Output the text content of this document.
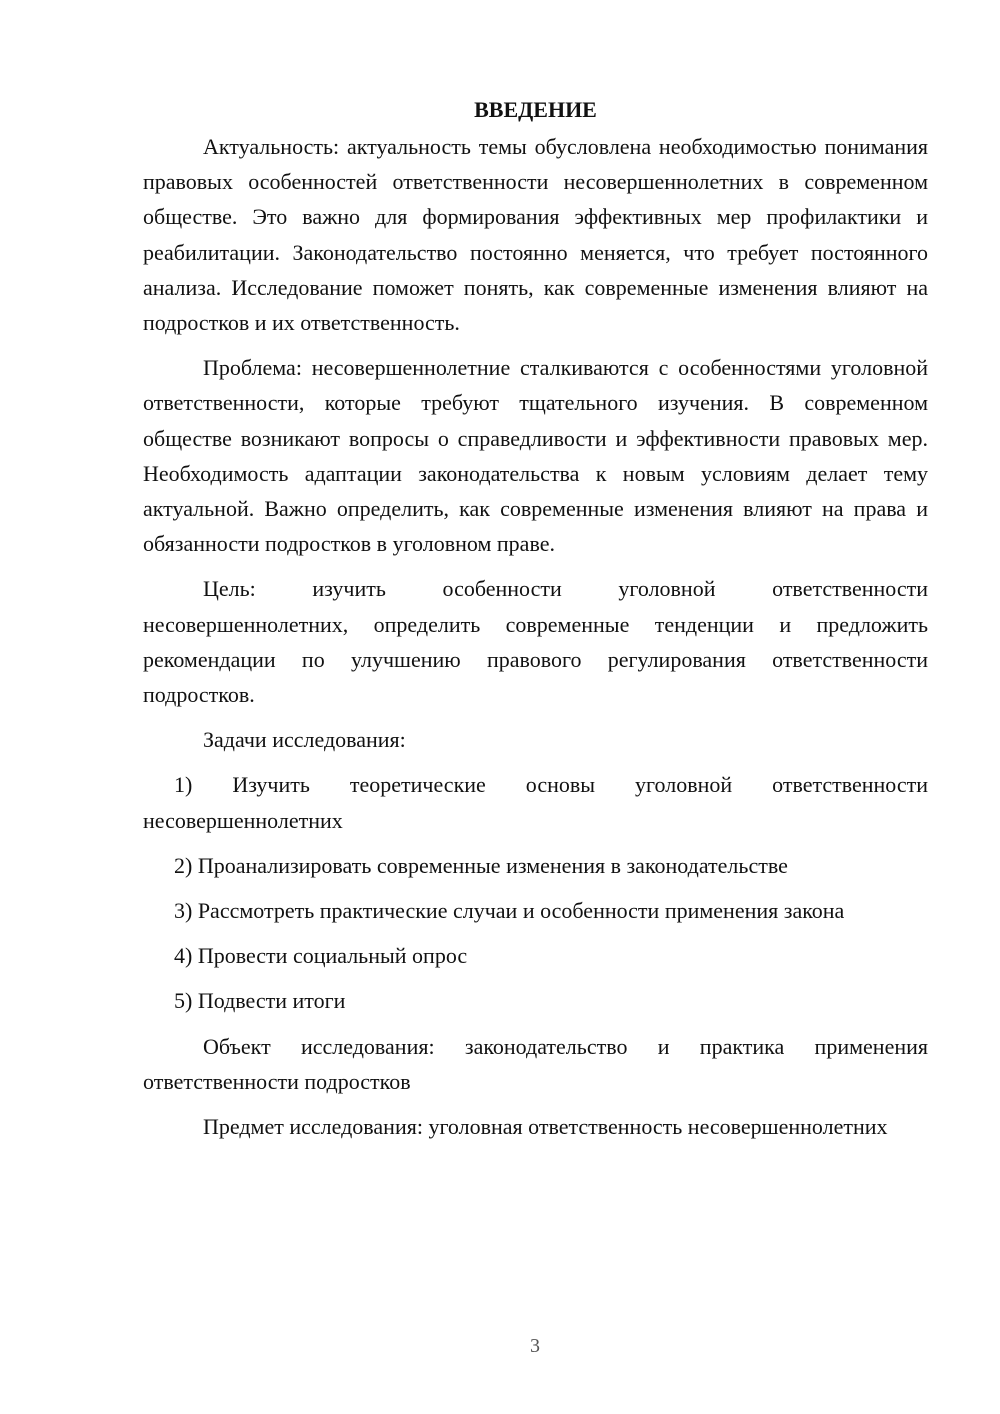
ВВЕДЕНИЕ

Актуальность: актуальность темы обусловлена необходимостью понимания правовых особенностей ответственности несовершеннолетних в современном обществе. Это важно для формирования эффективных мер профилактики и реабилитации. Законодательство постоянно меняется, что требует постоянного анализа. Исследование поможет понять, как современные изменения влияют на подростков и их ответственность.

Проблема: несовершеннолетние сталкиваются с особенностями уголовной ответственности, которые требуют тщательного изучения. В современном обществе возникают вопросы о справедливости и эффективности правовых мер. Необходимость адаптации законодательства к новым условиям делает тему актуальной. Важно определить, как современные изменения влияют на права и обязанности подростков в уголовном праве.

Цель: изучить особенности уголовной ответственности несовершеннолетних, определить современные тенденции и предложить рекомендации по улучшению правового регулирования ответственности подростков.

Задачи исследования:

1) Изучить теоретические основы уголовной ответственности несовершеннолетних

2) Проанализировать современные изменения в законодательстве

3) Рассмотреть практические случаи и особенности применения закона

4) Провести социальный опрос

5) Подвести итоги

Объект исследования: законодательство и практика применения ответственности подростков

Предмет исследования: уголовная ответственность несовершеннолетних

3
